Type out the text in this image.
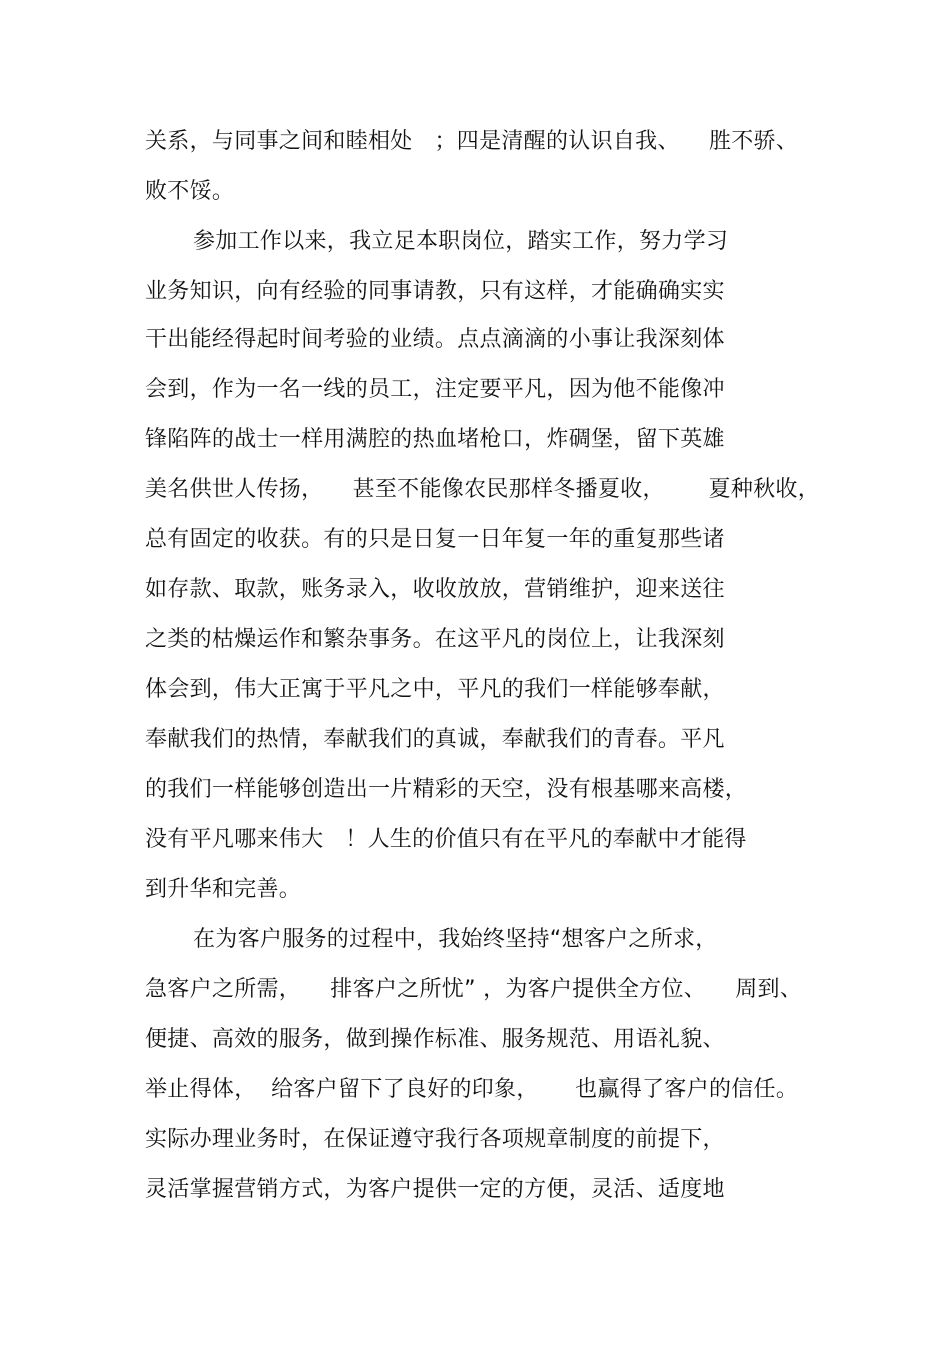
关系，与同事之间和睦相处   ；四是清醒的认识自我、    胜不骄、
败不馁。
参加工作以来，我立足本职岗位，踏实工作，努力学习
业务知识，向有经验的同事请教，只有这样，才能确确实实
干出能经得起时间考验的业绩。点点滴滴的小事让我深刻体
会到，作为一名一线的员工，注定要平凡，因为他不能像冲
锋陷阵的战士一样用满腔的热血堵枪口，炸碉堡，留下英雄
美名供世人传扬，    甚至不能像农民那样冬播夏收，      夏种秋收，
总有固定的收获。有的只是日复一日年复一年的重复那些诸
如存款、取款，账务录入，收收放放，营销维护，迎来送往
之类的枯燥运作和繁杂事务。在这平凡的岗位上，让我深刻
体会到，伟大正寓于平凡之中，平凡的我们一样能够奉献，
奉献我们的热情，奉献我们的真诚，奉献我们的青春。平凡
的我们一样能够创造出一片精彩的天空，没有根基哪来高楼，
没有平凡哪来伟大   ！人生的价值只有在平凡的奉献中才能得
到升华和完善。
在为客户服务的过程中，我始终坚持“想客户之所求，
急客户之所需，    排客户之所忧” ，为客户提供全方位、    周到、
便捷、高效的服务，做到操作标准、服务规范、用语礼貌、
举止得体，  给客户留下了良好的印象，     也赢得了客户的信任。
实际办理业务时，在保证遵守我行各项规章制度的前提下，
灵活掌握营销方式，为客户提供一定的方便，灵活、适度地
